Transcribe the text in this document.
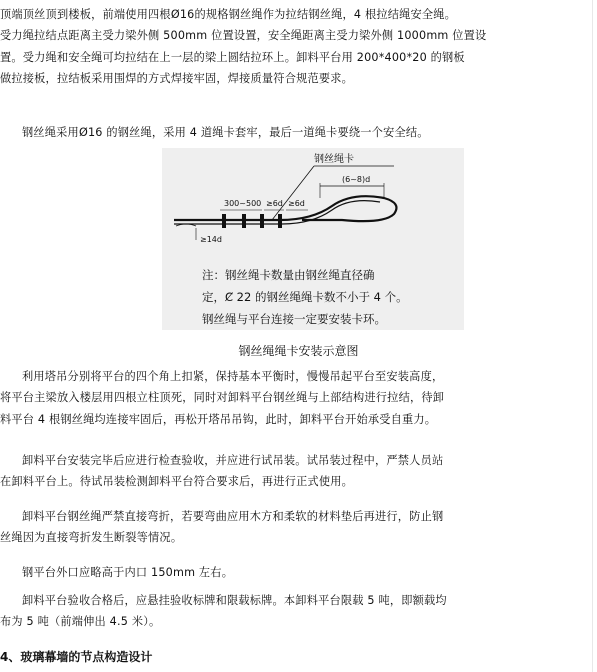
顶端顶丝顶到楼板，前端使用四根Ø16的规格钢丝绳作为拉结钢丝绳，4 根拉结绳安全绳。
受力绳拉结点距离主受力梁外侧 500mm 位置设置，安全绳距离主受力梁外侧 1000mm 位置设
置。受力绳和安全绳可均拉结在上一层的梁上圆结拉环上。卸料平台用 200*400*20 的钢板
做拉接板，拉结板采用围焊的方式焊接牢固，焊接质量符合规范要求。

钢丝绳采用Ø16 的钢丝绳，采用 4 道绳卡套牢，最后一道绳卡要绕一个安全结。

钢丝绳卡
(6~8)d
300~500 ≥6d ≥6d
≥14d
注：钢丝绳卡数量由钢丝绳直径确
定，Ȼ 22 的钢丝绳绳卡数不小于 4 个。
钢丝绳与平台连接一定要安装卡环。
钢丝绳绳卡安装示意图

利用塔吊分别将平台的四个角上扣紧，保持基本平衡时，慢慢吊起平台至安装高度，
将平台主梁放入楼层用四根立柱顶死，同时对卸料平台钢丝绳与上部结构进行拉结，待卸
料平台 4 根钢丝绳均连接牢固后，再松开塔吊吊钩，此时，卸料平台开始承受自重力。

卸料平台安装完毕后应进行检查验收，并应进行试吊装。试吊装过程中，严禁人员站
在卸料平台上。待试吊装检测卸料平台符合要求后，再进行正式使用。

卸料平台钢丝绳严禁直接弯折，若要弯曲应用木方和柔软的材料垫后再进行，防止钢
丝绳因为直接弯折发生断裂等情况。

钢平台外口应略高于内口 150mm 左右。

卸料平台验收合格后，应悬挂验收标牌和限载标牌。本卸料平台限载 5 吨，即额载均
布为 5 吨（前端伸出 4.5 米）。

4、玻璃幕墙的节点构造设计
